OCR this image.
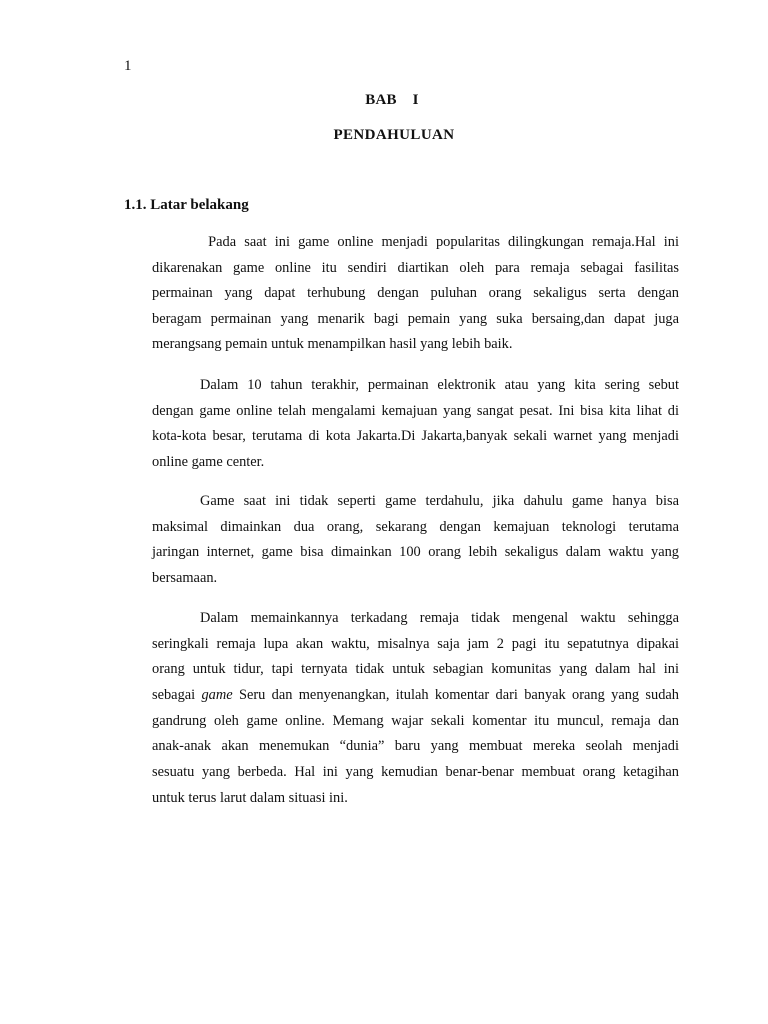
1
BAB  I
PENDAHULUAN
1.1. Latar belakang
Pada saat ini game online menjadi popularitas dilingkungan remaja.Hal ini
dikarenakan game online itu sendiri diartikan oleh para remaja sebagai fasilitas
permainan yang dapat terhubung dengan puluhan orang sekaligus serta dengan
beragam permainan yang menarik bagi pemain yang suka bersaing,dan dapat juga
merangsang pemain untuk menampilkan hasil yang lebih baik.
Dalam 10 tahun terakhir, permainan elektronik atau yang kita sering sebut
dengan game online telah mengalami kemajuan yang sangat pesat. Ini bisa kita lihat di
kota-kota besar, terutama di kota Jakarta.Di Jakarta,banyak sekali warnet yang menjadi
online game center.
Game saat ini tidak seperti game terdahulu, jika dahulu game hanya bisa
maksimal dimainkan dua orang, sekarang dengan kemajuan teknologi terutama
jaringan internet, game bisa dimainkan 100 orang lebih sekaligus dalam waktu yang
bersamaan.
Dalam memainkannya terkadang remaja tidak mengenal waktu sehingga
seringkali remaja lupa akan waktu, misalnya saja jam 2 pagi itu sepatutnya dipakai
orang untuk tidur, tapi ternyata tidak untuk sebagian komunitas yang dalam hal ini
sebagai game Seru dan menyenangkan, itulah komentar dari banyak orang yang sudah
gandrung oleh game online. Memang wajar sekali komentar itu muncul, remaja dan
anak-anak akan menemukan “dunia” baru yang membuat mereka seolah menjadi
sesuatu yang berbeda. Hal ini yang kemudian benar-benar membuat orang ketagihan
untuk terus larut dalam situasi ini.
